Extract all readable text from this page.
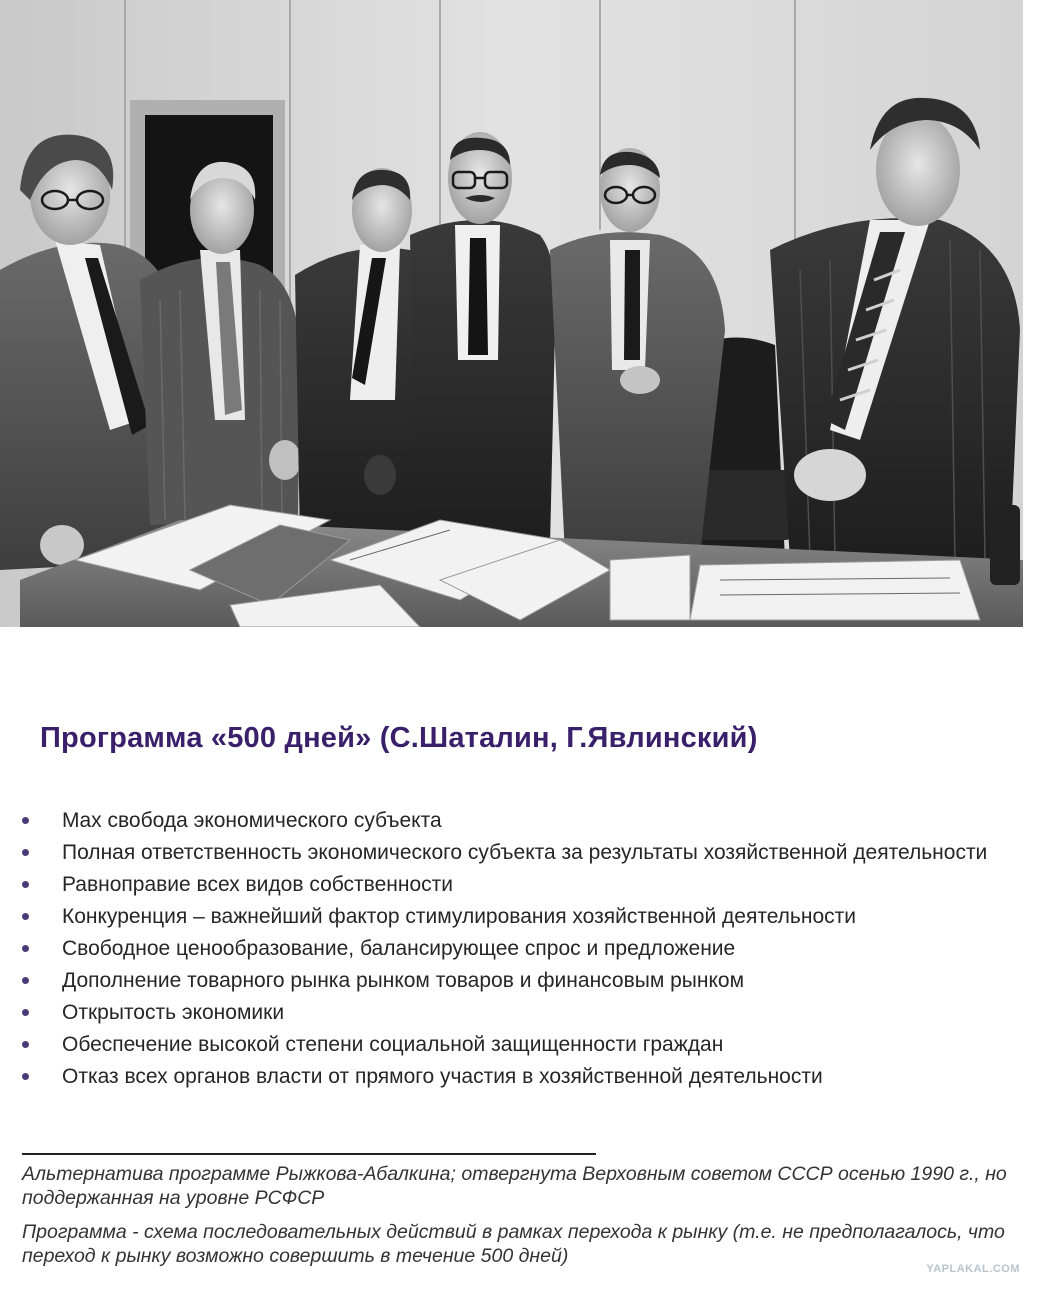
Программа «500 дней» (С.Шаталин, Г.Явлинский)
Max свобода экономического субъекта
Полная ответственность экономического субъекта за результаты хозяйственной деятельности
Равноправие всех видов собственности
Конкуренция – важнейший фактор стимулирования хозяйственной деятельности
Свободное ценообразование, балансирующее спрос и предложение
Дополнение товарного рынка рынком товаров и финансовым рынком
Открытость экономики
Обеспечение высокой степени социальной защищенности граждан
Отказ всех органов власти от прямого участия в хозяйственной деятельности
Альтернатива программе Рыжкова-Абалкина; отвергнута Верховным советом СССР осенью 1990 г., но поддержанная на уровне РСФСР
Программа - схема последовательных действий в рамках перехода к рынку (т.е. не предполагалось, что переход к рынку возможно совершить в течение 500 дней)
YAPLAKAL.COM
